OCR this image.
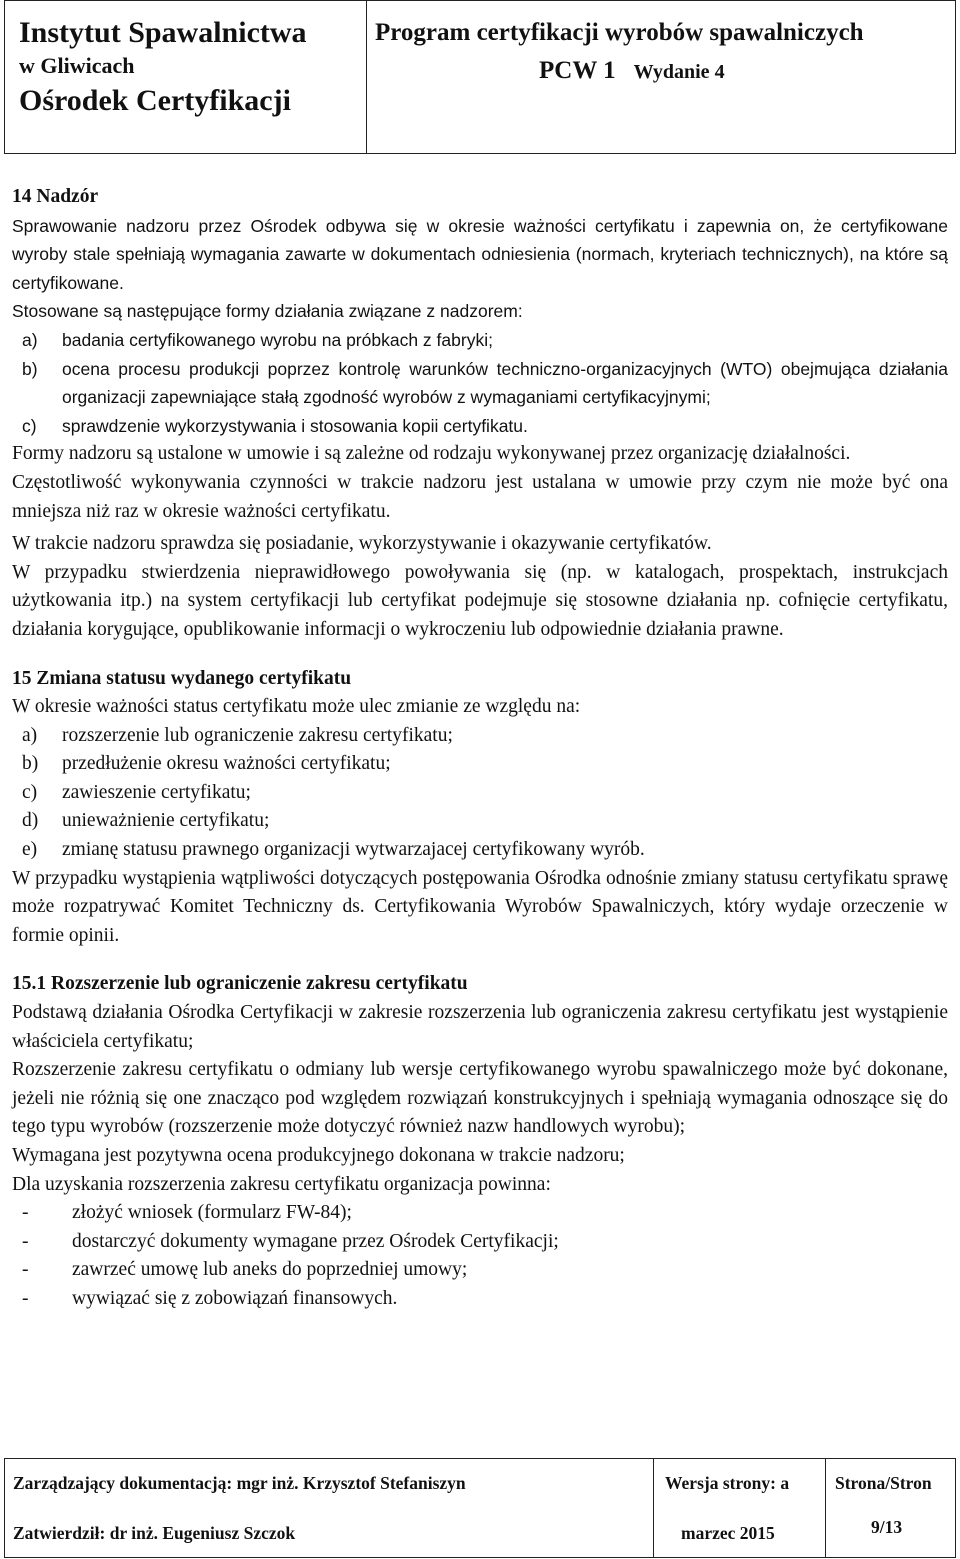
Instytut Spawalnictwa
w Gliwicach
Ośrodek Certyfikacji
Program certyfikacji wyrobów spawalniczych
PCW 1 Wydanie 4

14 Nadzór

Sprawowanie nadzoru przez Ośrodek odbywa się w okresie ważności certyfikatu i zapewnia on, że certyfikowane wyroby stale spełniają wymagania zawarte w dokumentach odniesienia (normach, kryteriach technicznych), na które są certyfikowane.

Stosowane są następujące formy działania związane z nadzorem:

a)	badania certyfikowanego wyrobu na próbkach z fabryki;
b)	ocena procesu produkcji poprzez kontrolę warunków techniczno-organizacyjnych (WTO) obejmująca działania organizacji zapewniające stałą zgodność wyrobów z wymaganiami certyfikacyjnymi;
c)	sprawdzenie wykorzystywania i stosowania kopii certyfikatu.

Formy nadzoru są ustalone w umowie i są zależne od rodzaju wykonywanej przez organizację działalności.

Częstotliwość wykonywania czynności w trakcie nadzoru jest ustalana w umowie przy czym nie może być ona mniejsza niż raz w okresie ważności certyfikatu.

W trakcie nadzoru sprawdza się posiadanie, wykorzystywanie i okazywanie certyfikatów.

W przypadku stwierdzenia nieprawidłowego powoływania się (np. w katalogach, prospektach, instrukcjach użytkowania itp.) na system certyfikacji lub certyfikat podejmuje się stosowne działania np. cofnięcie certyfikatu, działania korygujące, opublikowanie informacji o wykroczeniu lub odpowiednie działania prawne.

15 Zmiana statusu wydanego certyfikatu

W okresie ważności status certyfikatu może ulec zmianie ze względu na:

a)	rozszerzenie lub ograniczenie zakresu certyfikatu;
b)	przedłużenie okresu ważności certyfikatu;
c)	zawieszenie certyfikatu;
d)	unieważnienie certyfikatu;
e)	zmianę statusu prawnego organizacji wytwarzajacej certyfikowany wyrób.

W przypadku wystąpienia wątpliwości dotyczących postępowania Ośrodka odnośnie zmiany statusu certyfikatu sprawę może rozpatrywać Komitet Techniczny ds. Certyfikowania Wyrobów Spawalniczych, który wydaje orzeczenie w formie opinii.

15.1 Rozszerzenie lub ograniczenie zakresu certyfikatu

Podstawą działania Ośrodka Certyfikacji w zakresie rozszerzenia lub ograniczenia zakresu certyfikatu jest wystąpienie właściciela certyfikatu;

Rozszerzenie zakresu certyfikatu o odmiany lub wersje certyfikowanego wyrobu spawalniczego może być dokonane, jeżeli nie różnią się one znacząco pod względem rozwiązań konstrukcyjnych i spełniają wymagania odnoszące się do tego typu wyrobów (rozszerzenie może dotyczyć również nazw handlowych wyrobu);

Wymagana jest pozytywna ocena produkcyjnego dokonana w trakcie nadzoru;

Dla uzyskania rozszerzenia zakresu certyfikatu organizacja powinna:

-	złożyć wniosek (formularz FW-84);
-	dostarczyć dokumenty wymagane przez Ośrodek Certyfikacji;
-	zawrzeć umowę lub aneks do poprzedniej umowy;
-	wywiązać się z zobowiązań finansowych.
Zarządzający dokumentacją: mgr inż. Krzysztof Stefaniszyn
Zatwierdził: dr inż. Eugeniusz Szczok
Wersja strony: a
marzec 2015
Strona/Stron
9/13
